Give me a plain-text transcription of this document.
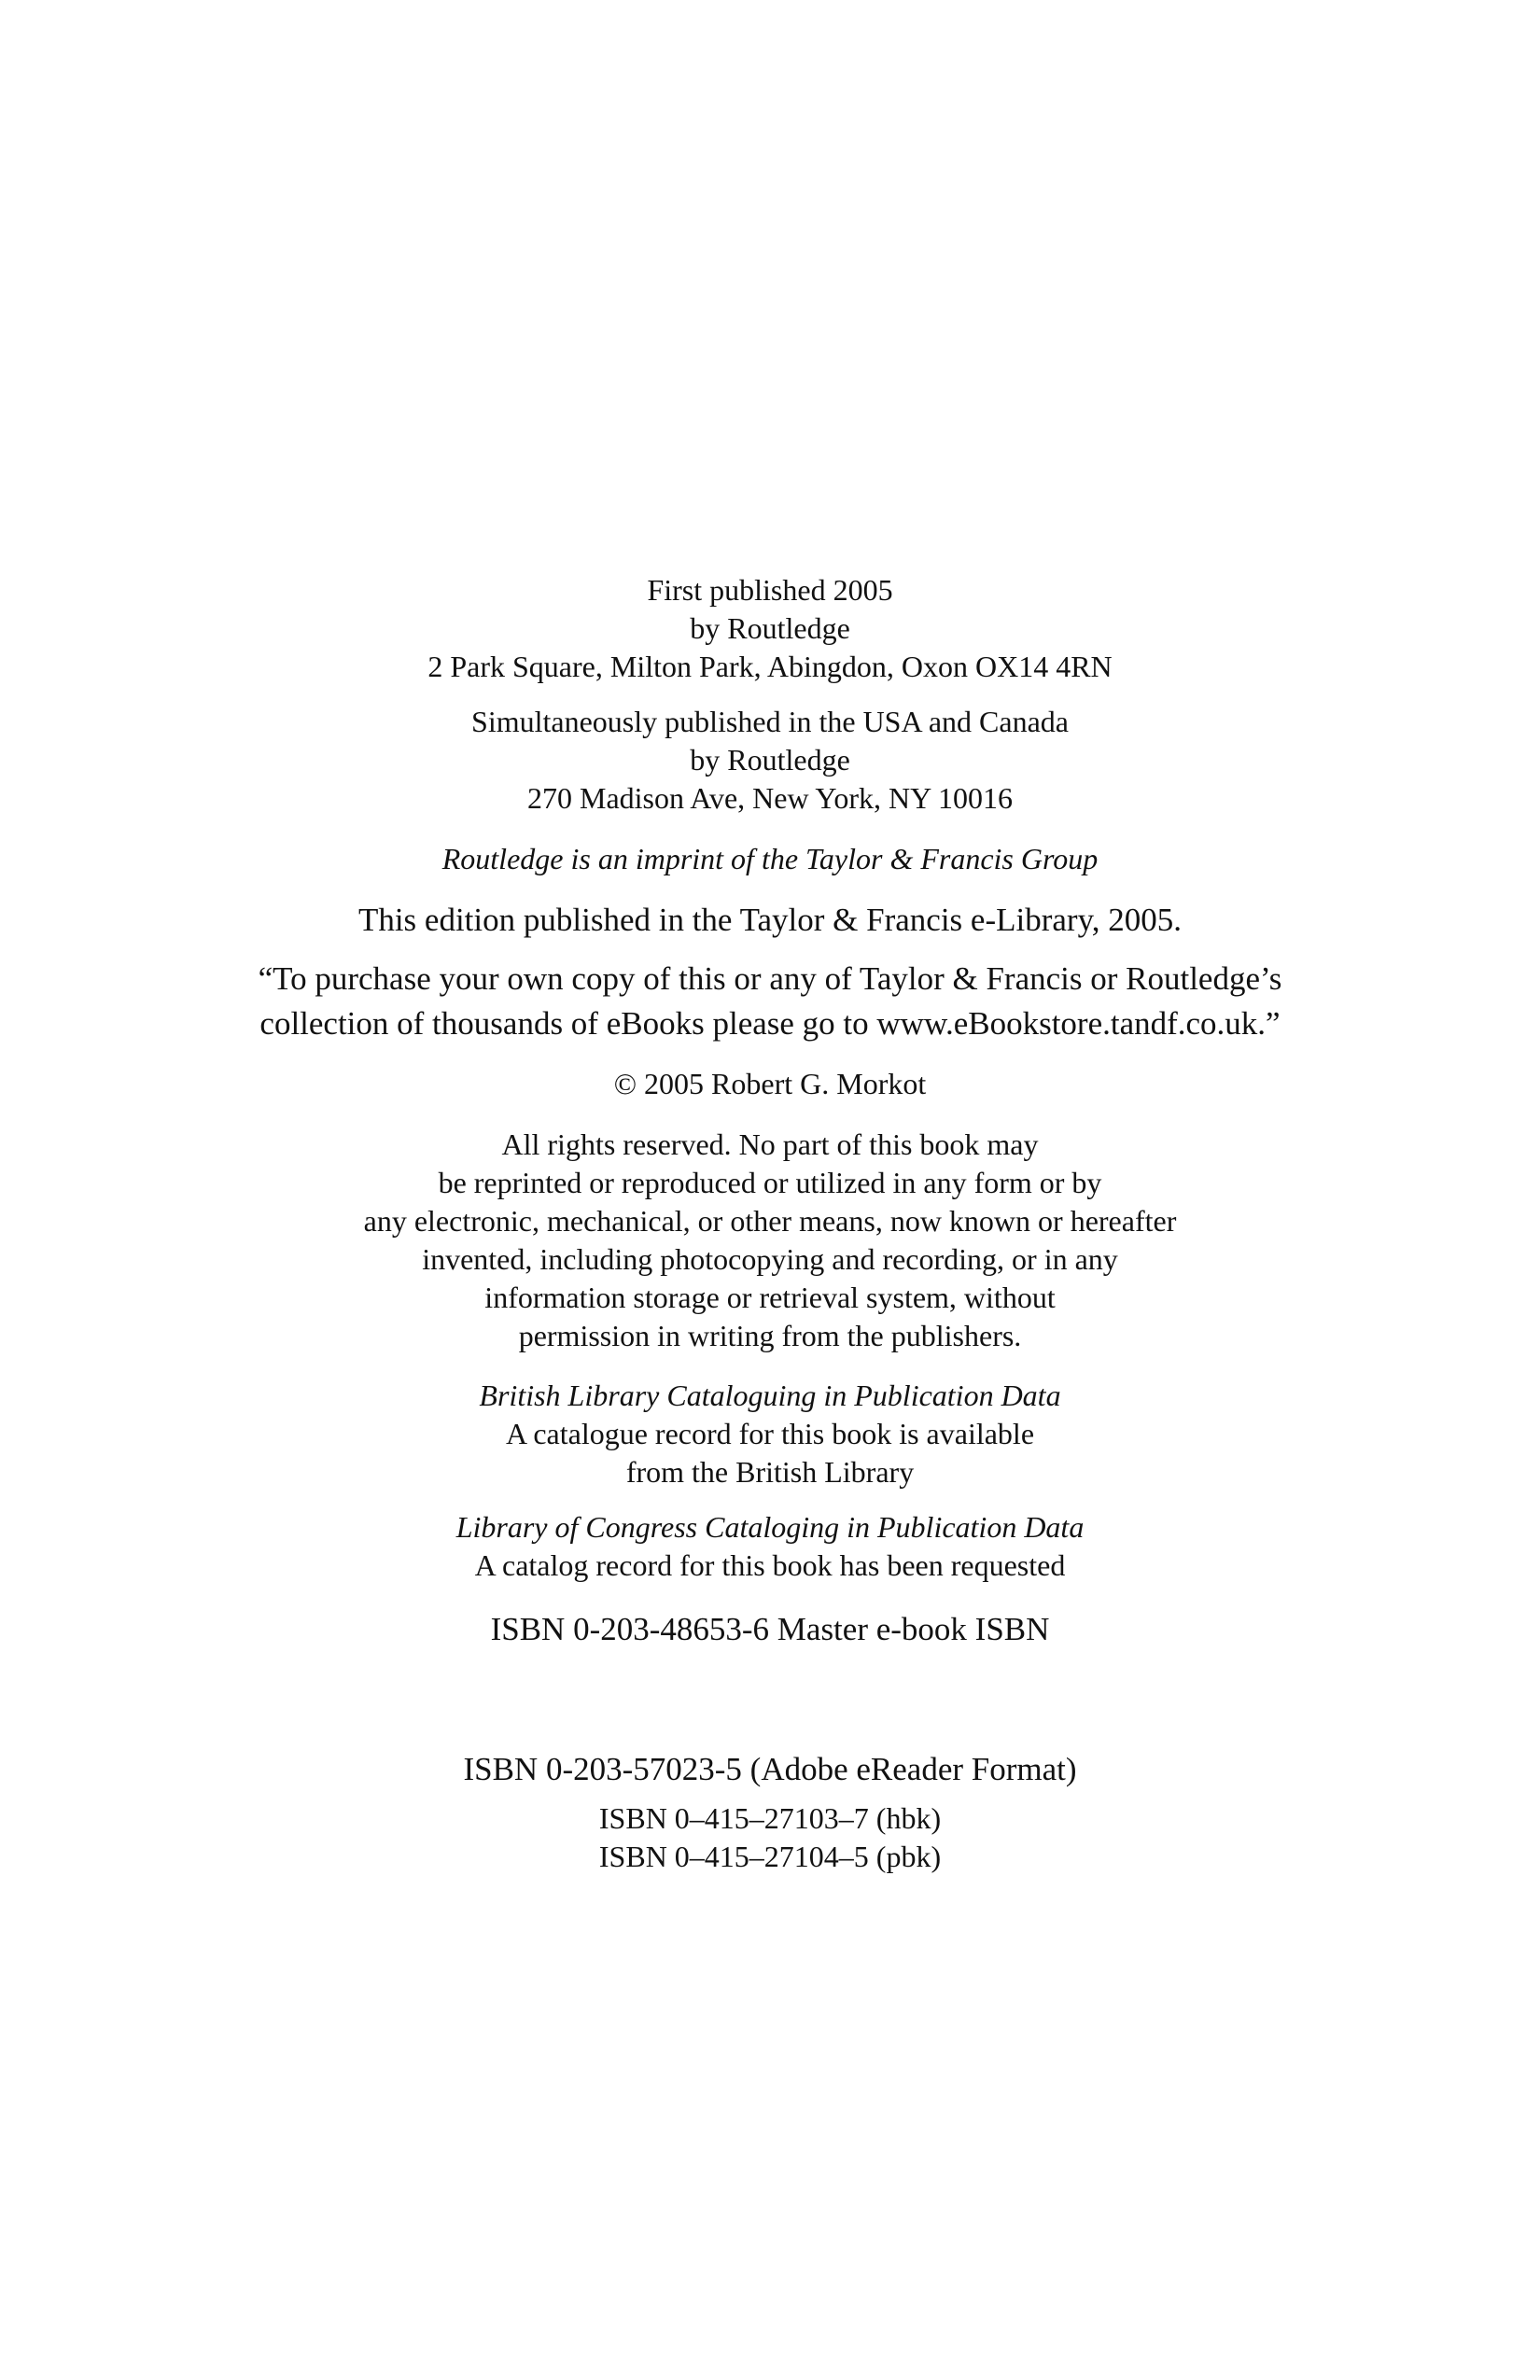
First published 2005
by Routledge
2 Park Square, Milton Park, Abingdon, Oxon OX14 4RN
Simultaneously published in the USA and Canada
by Routledge
270 Madison Ave, New York, NY 10016
Routledge is an imprint of the Taylor & Francis Group
This edition published in the Taylor & Francis e-Library, 2005.
“To purchase your own copy of this or any of Taylor & Francis or Routledge’s
collection of thousands of eBooks please go to www.eBookstore.tandf.co.uk.”
© 2005 Robert G. Morkot
All rights reserved. No part of this book may
be reprinted or reproduced or utilized in any form or by
any electronic, mechanical, or other means, now known or hereafter
invented, including photocopying and recording, or in any
information storage or retrieval system, without
permission in writing from the publishers.
British Library Cataloguing in Publication Data
A catalogue record for this book is available
from the British Library
Library of Congress Cataloging in Publication Data
A catalog record for this book has been requested
ISBN 0-203-48653-6 Master e-book ISBN
ISBN 0-203-57023-5 (Adobe eReader Format)
ISBN 0–415–27103–7 (hbk)
ISBN 0–415–27104–5 (pbk)
